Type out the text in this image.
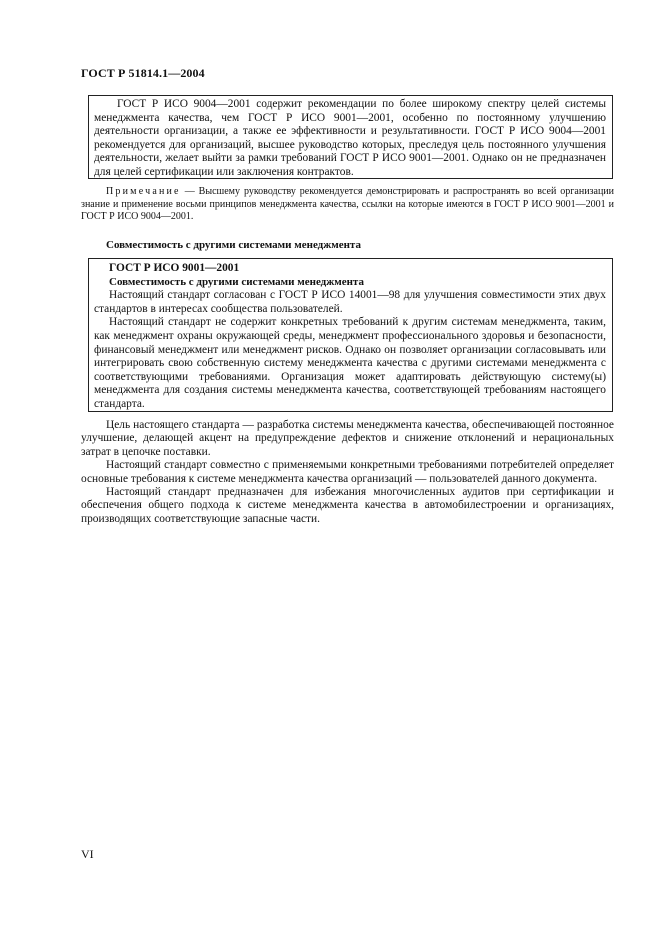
ГОСТ Р 51814.1—2004

ГОСТ Р ИСО 9004—2001 содержит рекомендации по более широкому спектру целей системы менеджмента качества, чем ГОСТ Р ИСО 9001—2001, особенно по постоянному улучшению деятельности организации, а также ее эффективности и результативности. ГОСТ Р ИСО 9004—2001 рекомендуется для организаций, высшее руководство которых, преследуя цель постоянного улучшения деятельности, желает выйти за рамки требований ГОСТ Р ИСО 9001—2001. Однако он не предназначен для целей сертификации или заключения контрактов.

Примечание — Высшему руководству рекомендуется демонстрировать и распространять во всей организации знание и применение восьми принципов менеджмента качества, ссылки на которые имеются в ГОСТ Р ИСО 9001—2001 и ГОСТ Р ИСО 9004—2001.

Совместимость с другими системами менеджмента

ГОСТ Р ИСО 9001—2001

Совместимость с другими системами менеджмента

Настоящий стандарт согласован с ГОСТ Р ИСО 14001—98 для улучшения совместимости этих двух стандартов в интересах сообщества пользователей.

Настоящий стандарт не содержит конкретных требований к другим системам менеджмента, таким, как менеджмент охраны окружающей среды, менеджмент профессионального здоровья и безопасности, финансовый менеджмент или менеджмент рисков. Однако он позволяет организации согласовывать или интегрировать свою собственную систему менеджмента качества с другими системами менеджмента с соответствующими требованиями. Организация может адаптировать действующую систему(ы) менеджмента для создания системы менеджмента качества, соответствующей требованиям настоящего стандарта.

Цель настоящего стандарта — разработка системы менеджмента качества, обеспечивающей постоянное улучшение, делающей акцент на предупреждение дефектов и снижение отклонений и нерациональных затрат в цепочке поставки.

Настоящий стандарт совместно с применяемыми конкретными требованиями потребителей определяет основные требования к системе менеджмента качества организаций — пользователей данного документа.

Настоящий стандарт предназначен для избежания многочисленных аудитов при сертификации и обеспечения общего подхода к системе менеджмента качества в автомобилестроении и организациях, производящих соответствующие запасные части.

VI
